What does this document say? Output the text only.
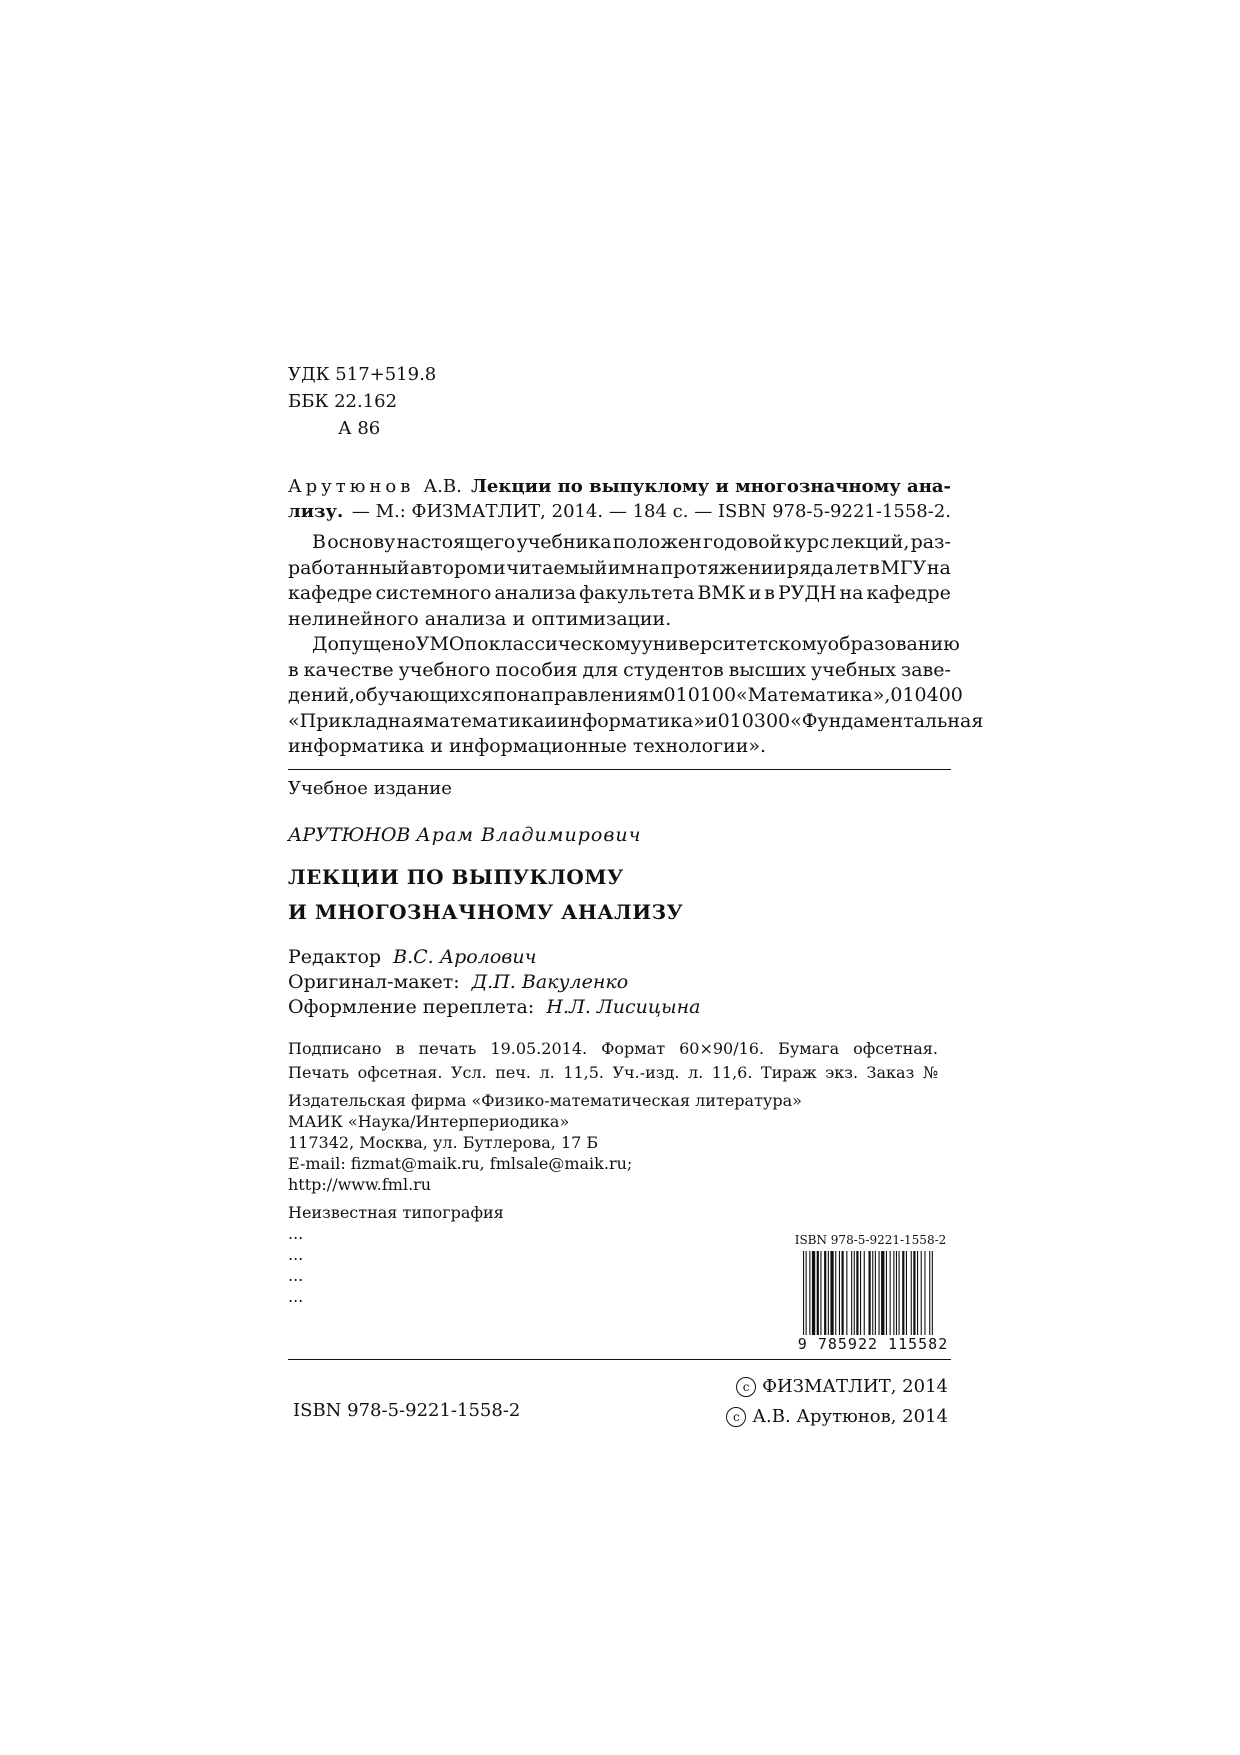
УДК 517+519.8
ББК 22.162
А 86
Арутюнов А.В. Лекции по выпуклому и многозначному ана-
лизу. — М.: ФИЗМАТЛИТ, 2014. — 184 с. — ISBN 978-5-9221-1558-2.
В основу настоящего учебника положен годовой курс лекций, раз-
работанный автором и читаемый им на протяжении ряда лет в МГУ на
кафедре системного анализа факультета ВМК и в РУДН на кафедре
нелинейного анализа и оптимизации.
Допущено УМО по классическому университетскому образованию
в качестве учебного пособия для студентов высших учебных заве-
дений, обучающихся по направлениям 010100 «Математика», 010400
«Прикладная математика и информатика» и 010300 «Фундаментальная
информатика и информационные технологии».
Учебное издание
АРУТЮНОВ Арам Владимирович
ЛЕКЦИИ ПО ВЫПУКЛОМУ
И МНОГОЗНАЧНОМУ АНАЛИЗУ
Редактор В.С. Аролович
Оригинал-макет: Д.П. Вакуленко
Оформление переплета: Н.Л. Лисицына
Подписано в печать 19.05.2014. Формат 60×90/16. Бумага офсетная.
Печать офсетная. Усл. печ. л. 11,5. Уч.-изд. л. 11,6. Тираж экз. Заказ №
Издательская фирма «Физико-математическая литература»
МАИК «Наука/Интерпериодика»
117342, Москва, ул. Бутлерова, 17 Б
E-mail: fizmat@maik.ru, fmlsale@maik.ru;
http://www.fml.ru
Неизвестная типография
...
...
...
...
ISBN 978-5-9221-1558-2
9 785922 115582
ISBN 978-5-9221-1558-2
c ФИЗМАТЛИТ, 2014
c А.В. Арутюнов, 2014
